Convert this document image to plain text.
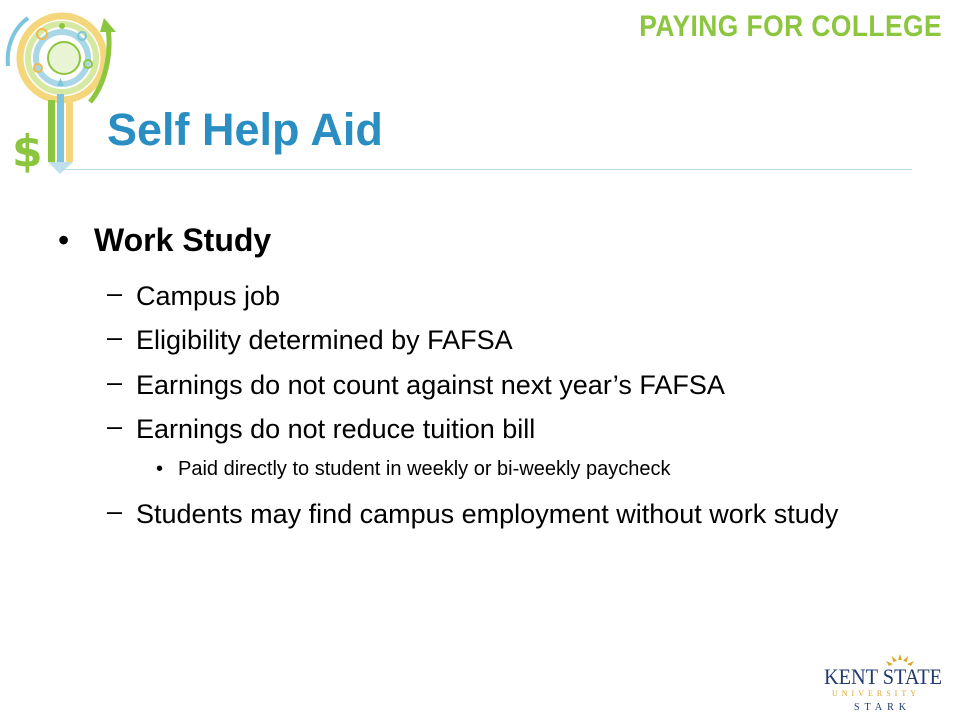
$
PAYING FOR COLLEGE
Self Help Aid
• Work Study
– Campus job
– Eligibility determined by FAFSA
– Earnings do not count against next year’s FAFSA
– Earnings do not reduce tuition bill
• Paid directly to student in weekly or bi-weekly paycheck
– Students may find campus employment without work study
KENT STATE
UNIVERSITY
STARK
